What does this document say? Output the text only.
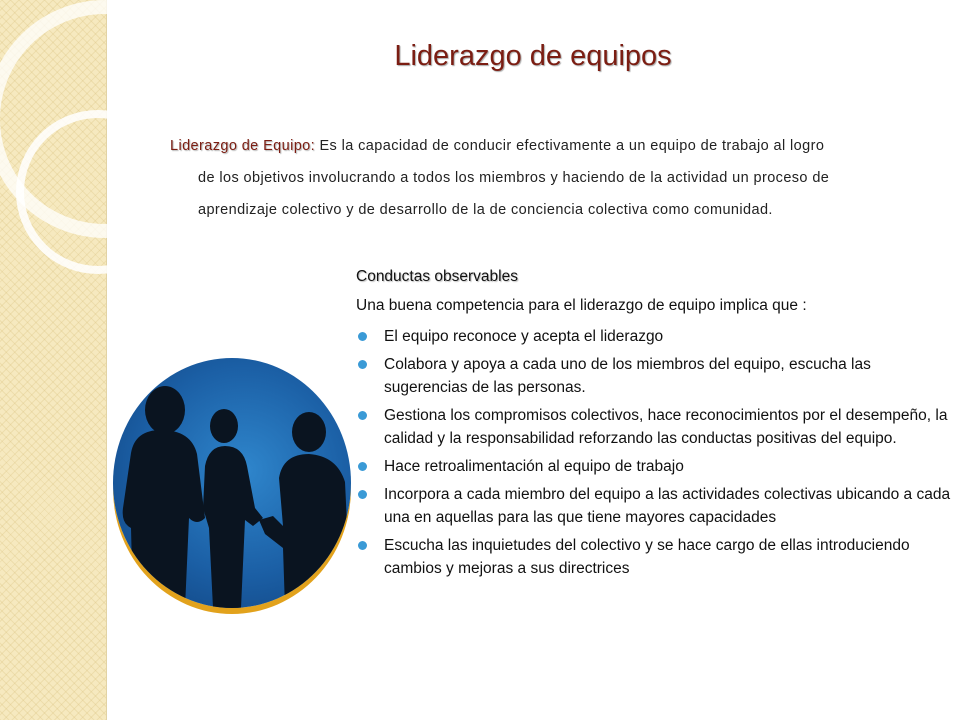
Liderazgo de equipos
Liderazgo de Equipo: Es la capacidad de conducir efectivamente a un equipo de trabajo al logro
de los objetivos involucrando a todos los miembros y haciendo de la actividad un proceso de
aprendizaje colectivo y de desarrollo de la de conciencia colectiva como comunidad.
Conductas observables
Una buena competencia para el liderazgo de equipo implica que :
El equipo reconoce y acepta el liderazgo
Colabora y apoya a cada uno de los miembros del equipo, escucha las sugerencias de las personas.
Gestiona los compromisos colectivos, hace reconocimientos por el desempeño, la calidad y la responsabilidad reforzando las conductas positivas del equipo.
Hace retroalimentación al equipo de trabajo
Incorpora a cada miembro del equipo a las actividades colectivas ubicando a cada una en aquellas para las que tiene mayores capacidades
Escucha las inquietudes del colectivo y se hace cargo de ellas introduciendo cambios y mejoras a sus directrices
